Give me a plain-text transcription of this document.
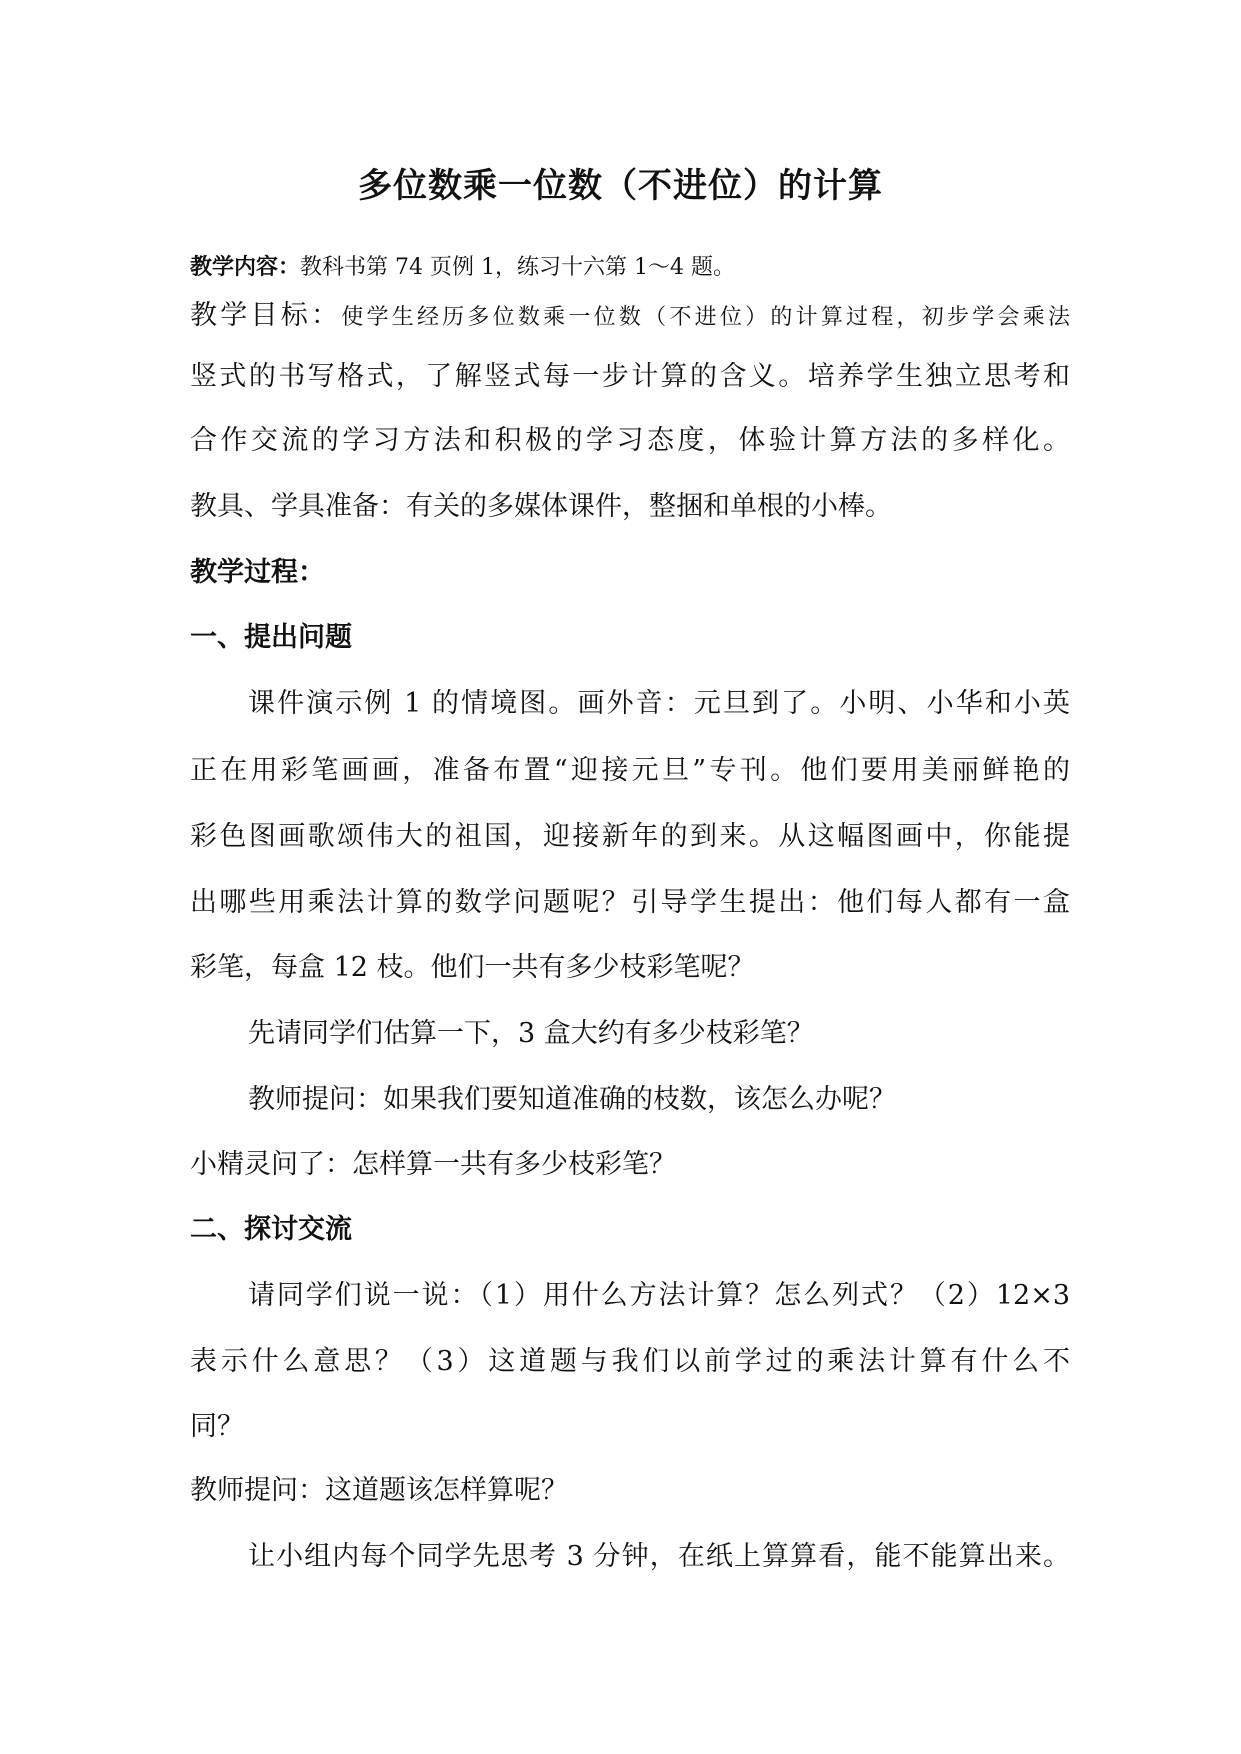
多位数乘一位数（不进位）的计算
教学内容：教科书第 74 页例 1，练习十六第 1～4 题。
教学目标：使学生经历多位数乘一位数（不进位）的计算过程，初步学会乘法
竖式的书写格式，了解竖式每一步计算的含义。培养学生独立思考和
合作交流的学习方法和积极的学习态度，体验计算方法的多样化。
教具、学具准备：有关的多媒体课件，整捆和单根的小棒。
教学过程：
一、提出问题
课件演示例 1 的情境图。画外音：元旦到了。小明、小华和小英
正在用彩笔画画，准备布置“迎接元旦”专刊。他们要用美丽鲜艳的
彩色图画歌颂伟大的祖国，迎接新年的到来。从这幅图画中，你能提
出哪些用乘法计算的数学问题呢？引导学生提出：他们每人都有一盒
彩笔，每盒 12 枝。他们一共有多少枝彩笔呢？
先请同学们估算一下，3 盒大约有多少枝彩笔？
教师提问：如果我们要知道准确的枝数，该怎么办呢？
小精灵问了：怎样算一共有多少枝彩笔？
二、探讨交流
请同学们说一说：（1）用什么方法计算？怎么列式？（2）12×3
表示什么意思？（3）这道题与我们以前学过的乘法计算有什么不
同？
教师提问：这道题该怎样算呢？
让小组内每个同学先思考 3 分钟，在纸上算算看，能不能算出来。
